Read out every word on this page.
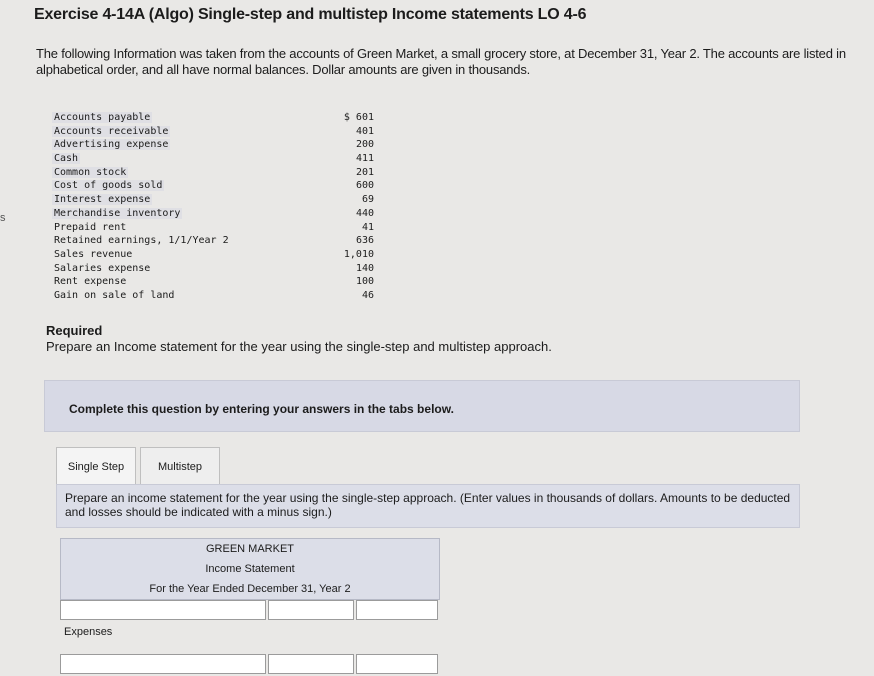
s
Exercise 4-14A (Algo) Single-step and multistep Income statements LO 4-6
The following Information was taken from the accounts of Green Market, a small grocery store, at December 31, Year 2. The accounts are listed in alphabetical order, and all have normal balances. Dollar amounts are given in thousands.
Accounts payable	$ 601
Accounts receivable	401
Advertising expense	200
Cash	411
Common stock	201
Cost of goods sold	600
Interest expense	69
Merchandise inventory	440
Prepaid rent	41
Retained earnings, 1/1/Year 2	636
Sales revenue	1,010
Salaries expense	140
Rent expense	100
Gain on sale of land	46
Required
Prepare an Income statement for the year using the single-step and multistep approach.
Complete this question by entering your answers in the tabs below.
Single Step	Multistep
Prepare an income statement for the year using the single-step approach. (Enter values in thousands of dollars. Amounts to be deducted and losses should be indicated with a minus sign.)
GREEN MARKET
Income Statement
For the Year Ended December 31, Year 2
Expenses
